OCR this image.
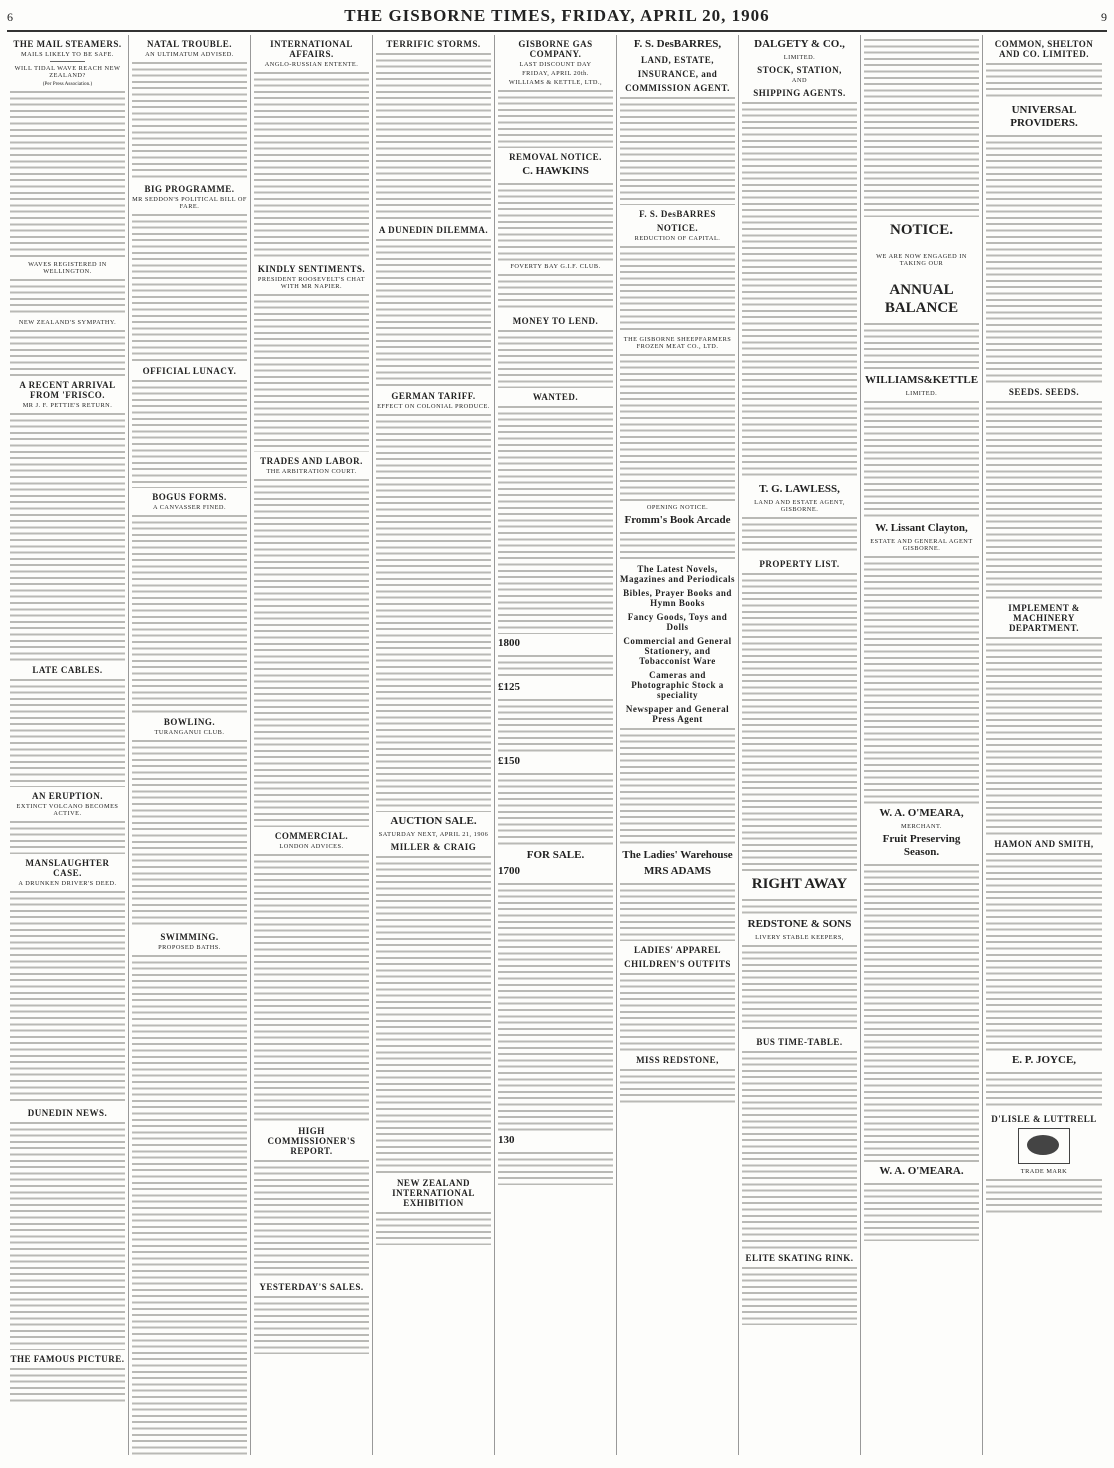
6	THE GISBORNE TIMES, FRIDAY, APRIL 20, 1906	9
THE MAIL STEAMERS.
MAILS LIKELY TO BE SAFE.
WILL TIDAL WAVE REACH NEW ZEALAND?
(Per Press Association.)
WAVES REGISTERED IN WELLINGTON.
NEW ZEALAND'S SYMPATHY.
A RECENT ARRIVAL FROM 'FRISCO.
MR J. F. PETTIE'S RETURN.
LATE CABLES.
AN ERUPTION.
EXTINCT VOLCANO BECOMES ACTIVE.
MANSLAUGHTER CASE.
A DRUNKEN DRIVER'S DEED.
DUNEDIN NEWS.
THE FAMOUS PICTURE.
NATAL TROUBLE.
AN ULTIMATUM ADVISED.
BIG PROGRAMME.
MR SEDDON'S POLITICAL BILL OF FARE.
OFFICIAL LUNACY.
BOGUS FORMS.
A CANVASSER FINED.
BOWLING.
TURANGANUI CLUB.
SWIMMING.
PROPOSED BATHS.
INTERNATIONAL AFFAIRS.
ANGLO-RUSSIAN ENTENTE.
KINDLY SENTIMENTS.
PRESIDENT ROOSEVELT'S CHAT WITH MR NAPIER.
TRADES AND LABOR.
THE ARBITRATION COURT.
COMMERCIAL.
LONDON ADVICES.
HIGH COMMISSIONER'S REPORT.
YESTERDAY'S SALES.
TERRIFIC STORMS.
A DUNEDIN DILEMMA.
GERMAN TARIFF.
EFFECT ON COLONIAL PRODUCE.
AUCTION SALE.
SATURDAY NEXT, APRIL 21, 1906
MILLER & CRAIG
NEW ZEALAND INTERNATIONAL EXHIBITION
GISBORNE GAS COMPANY.
LAST DISCOUNT DAY
FRIDAY, APRIL 20th.
WILLIAMS & KETTLE, LTD.,
REMOVAL NOTICE.
C. HAWKINS
FOVERTY BAY G.I.F. CLUB.
MONEY TO LEND.
WANTED.
1800
£125
£150
FOR SALE.
1700
130
F. S. DesBARRES,
LAND, ESTATE,
INSURANCE, and
COMMISSION AGENT.
F. S. DesBARRES
NOTICE.
REDUCTION OF CAPITAL.
THE GISBORNE SHEEPFARMERS FROZEN MEAT CO., LTD.
OPENING NOTICE.
Fromm's Book Arcade
The Latest Novels, Magazines and Periodicals
Bibles, Prayer Books and Hymn Books
Fancy Goods, Toys and Dolls
Commercial and General Stationery, and Tobacconist Ware
Cameras and Photographic Stock a speciality
Newspaper and General Press Agent
The Ladies' Warehouse
MRS ADAMS
LADIES' APPAREL
CHILDREN'S OUTFITS
MISS REDSTONE,
DALGETY & CO.,
LIMITED.
STOCK, STATION,
AND
SHIPPING AGENTS.
T. G. LAWLESS,
LAND AND ESTATE AGENT, GISBORNE.
PROPERTY LIST.
RIGHT AWAY
REDSTONE & SONS
LIVERY STABLE KEEPERS,
BUS TIME-TABLE.
ELITE SKATING RINK.
NOTICE.
WE ARE NOW ENGAGED IN TAKING OUR
ANNUAL BALANCE
WILLIAMS&KETTLE
LIMITED.
W. Lissant Clayton,
ESTATE AND GENERAL AGENT GISBORNE.
W. A. O'MEARA,
MERCHANT.
Fruit Preserving Season.
W. A. O'MEARA.
COMMON, SHELTON AND CO. LIMITED.
UNIVERSAL PROVIDERS.
SEEDS. SEEDS.
IMPLEMENT & MACHINERY DEPARTMENT.
HAMON AND SMITH,
E. P. JOYCE,
D'LISLE & LUTTRELL
TRADE MARK
